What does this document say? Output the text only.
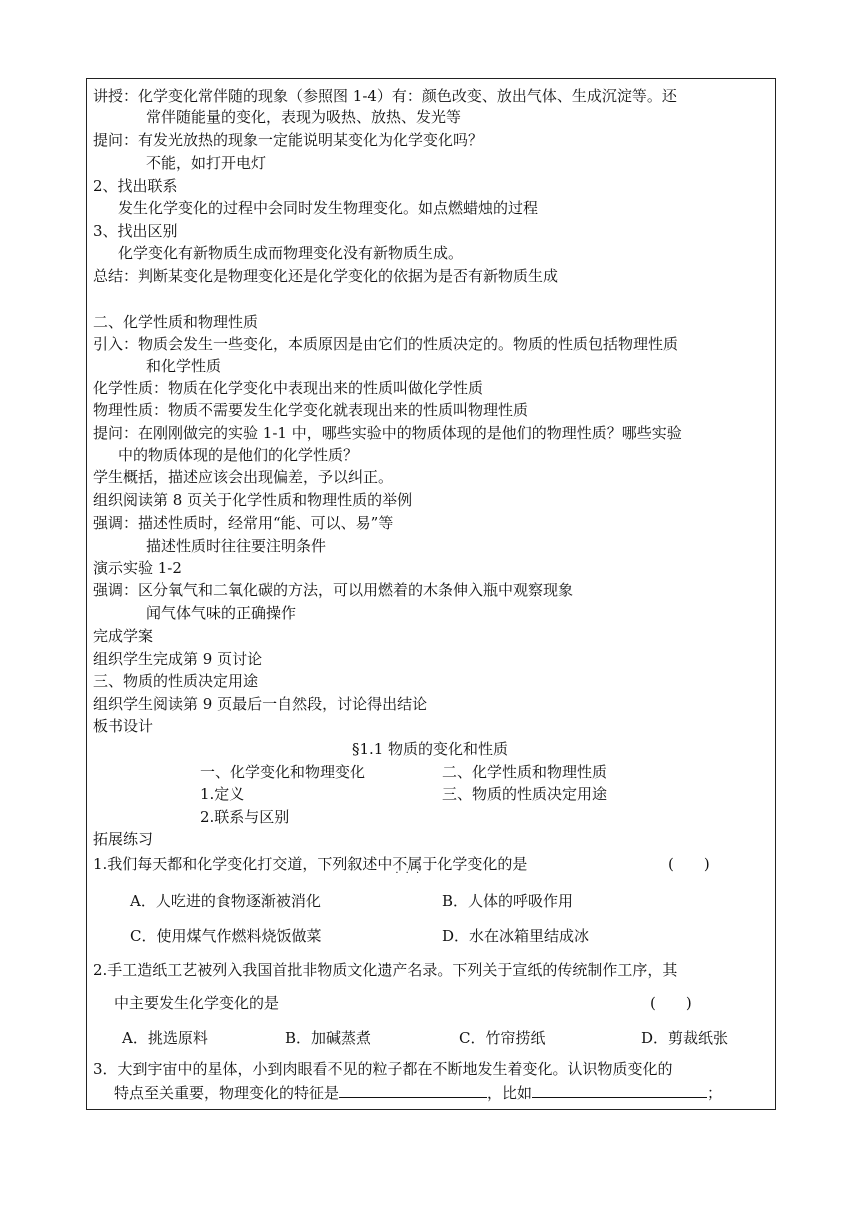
讲授：化学变化常伴随的现象（参照图 1-4）有：颜色改变、放出气体、生成沉淀等。还
常伴随能量的变化，表现为吸热、放热、发光等
提问：有发光放热的现象一定能说明某变化为化学变化吗？
不能，如打开电灯
2、找出联系
发生化学变化的过程中会同时发生物理变化。如点燃蜡烛的过程
3、找出区别
化学变化有新物质生成而物理变化没有新物质生成。
总结：判断某变化是物理变化还是化学变化的依据为是否有新物质生成
二、化学性质和物理性质
引入：物质会发生一些变化，本质原因是由它们的性质决定的。物质的性质包括物理性质
和化学性质
化学性质：物质在化学变化中表现出来的性质叫做化学性质
物理性质：物质不需要发生化学变化就表现出来的性质叫物理性质
提问：在刚刚做完的实验 1-1 中，哪些实验中的物质体现的是他们的物理性质？哪些实验
中的物质体现的是他们的化学性质？
学生概括，描述应该会出现偏差，予以纠正。
组织阅读第 8 页关于化学性质和物理性质的举例
强调：描述性质时，经常用“能、可以、易”等
描述性质时往往要注明条件
演示实验 1-2
强调：区分氧气和二氧化碳的方法，可以用燃着的木条伸入瓶中观察现象
闻气体气味的正确操作
完成学案
组织学生完成第 9 页讨论
三、物质的性质决定用途
组织学生阅读第 9 页最后一自然段，讨论得出结论
板书设计
§1.1 物质的变化和性质
一、化学变化和物理变化	二、化学性质和物理性质
1.定义	三、物质的性质决定用途
2.联系与区别
拓展练习
1.我们每天都和化学变化打交道，下列叙述中不属于 · · ·化学变化的是	(　　)
A．人吃进的食物逐渐被消化	B．人体的呼吸作用
C．使用煤气作燃料烧饭做菜	D．水在冰箱里结成冰
2.手工造纸工艺被列入我国首批非物质文化遗产名录。下列关于宣纸的传统制作工序，其
中主要发生化学变化的是	(　　)
A．挑选原料	B．加碱蒸煮	C．竹帘捞纸	D．剪裁纸张
3．大到宇宙中的星体，小到肉眼看不见的粒子都在不断地发生着变化。认识物质变化的
特点至关重要，物理变化的特征是	，比如	；
